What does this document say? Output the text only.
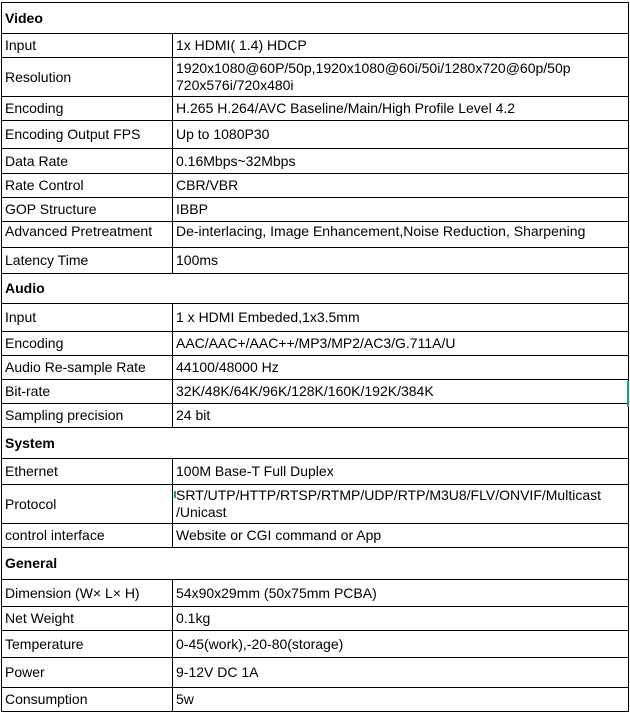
Video	
Input	1x HDMI( 1.4) HDCP
Resolution	1920x1080@60P/50p,1920x1080@60i/50i/1280x720@60p/50p
720x576i/720x480i
Encoding	H.265 H.264/AVC Baseline/Main/High Profile Level 4.2
Encoding Output FPS	Up to 1080P30
Data Rate	0.16Mbps~32Mbps
Rate Control	CBR/VBR
GOP Structure	IBBP
Advanced Pretreatment	De-interlacing, Image Enhancement,Noise Reduction, Sharpening
Latency Time	100ms
Audio	
Input	1 x HDMI Embeded,1x3.5mm
Encoding	AAC/AAC+/AAC++/MP3/MP2/AC3/G.711A/U
Audio Re-sample Rate	44100/48000 Hz
Bit-rate	32K/48K/64K/96K/128K/160K/192K/384K
Sampling precision	24 bit
System	
Ethernet	100M Base-T Full Duplex
Protocol	SRT/UTP/HTTP/RTSP/RTMP/UDP/RTP/M3U8/FLV/ONVIF/Multicast
/Unicast
control interface	Website or CGI command or App
General	
Dimension (W× L× H)	54x90x29mm (50x75mm PCBA)
Net Weight	0.1kg
Temperature	0-45(work),-20-80(storage)
Power	9-12V DC 1A
Consumption	5w
